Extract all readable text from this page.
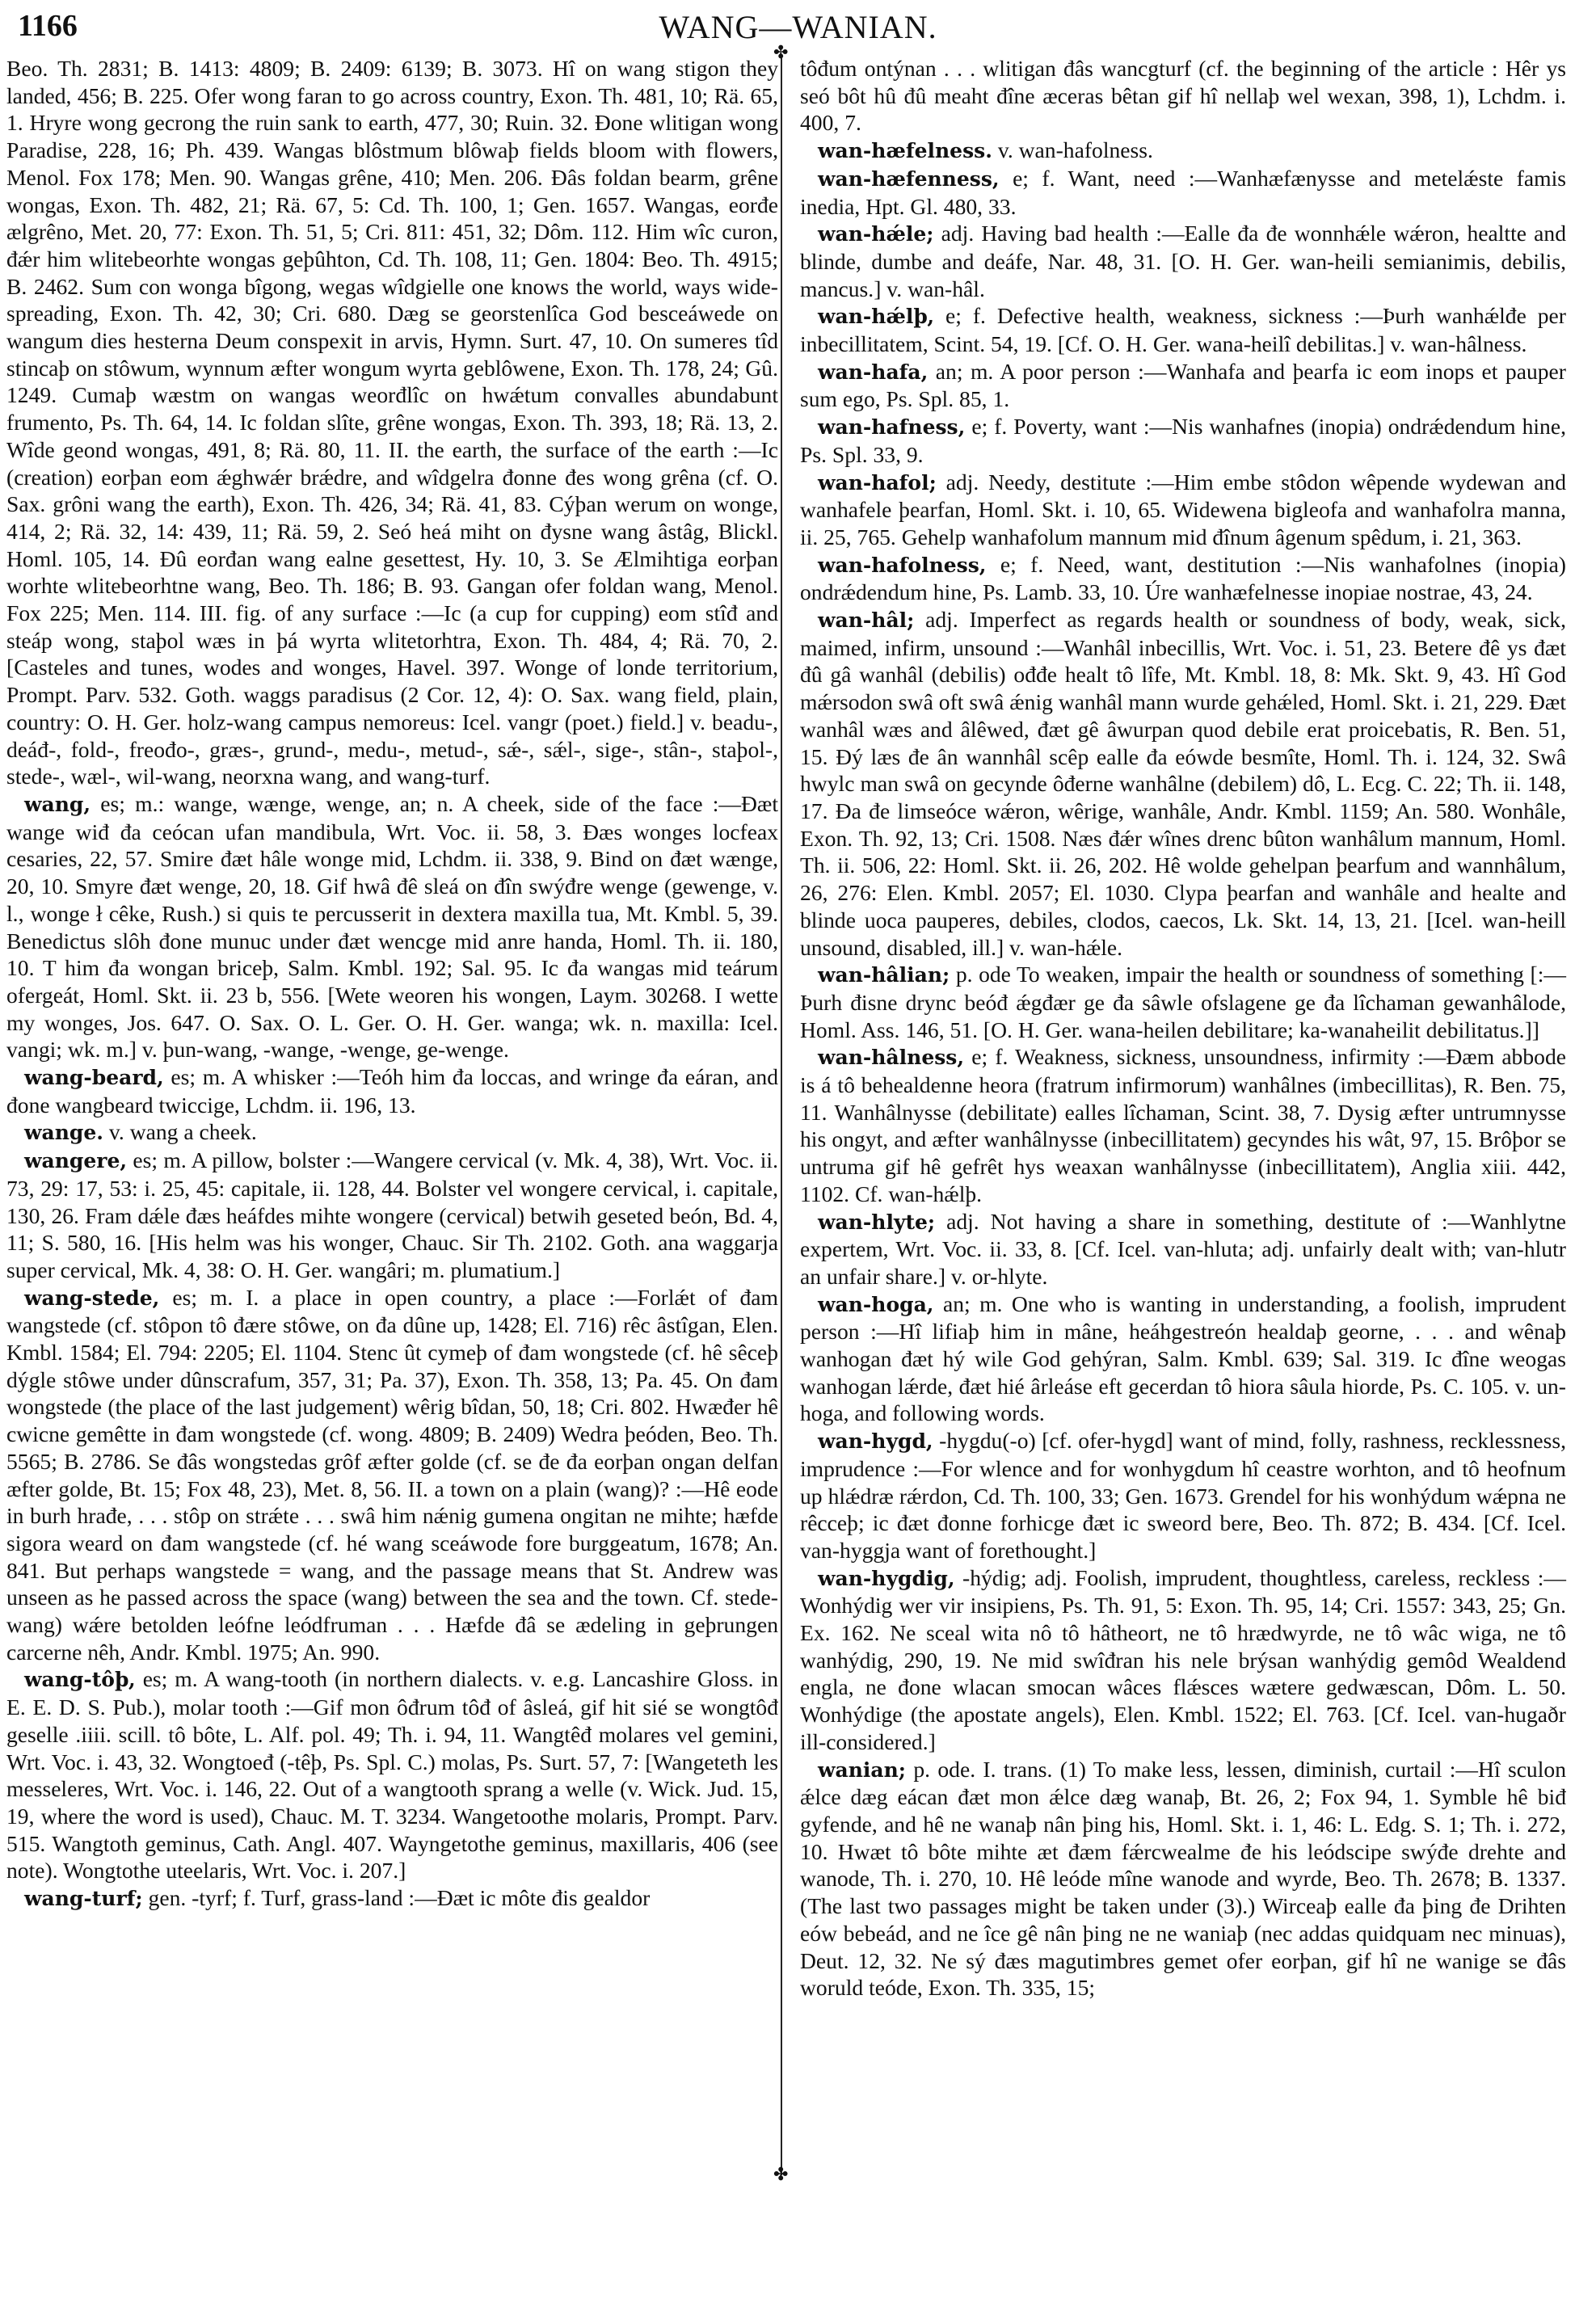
1166	WANG—WANIAN.
✤
✤

Beo. Th. 2831; B. 1413: 4809; B. 2409: 6139; B. 3073. Hî on wang stigon they landed, 456; B. 225. Ofer wong faran to go across country, Exon. Th. 481, 10; Rä. 65, 1. Hryre wong gecrong the ruin sank to earth, 477, 30; Ruin. 32. Đone wlitigan wong Paradise, 228, 16; Ph. 439. Wangas blôstmum blôwaþ fields bloom with flowers, Menol. Fox 178; Men. 90. Wangas grêne, 410; Men. 206. Đâs foldan bearm, grêne wongas, Exon. Th. 482, 21; Rä. 67, 5: Cd. Th. 100, 1; Gen. 1657. Wangas, eorđe ælgrêno, Met. 20, 77: Exon. Th. 51, 5; Cri. 811: 451, 32; Dôm. 112. Him wîc curon, đǽr him wlitebeorhte wongas geþûhton, Cd. Th. 108, 11; Gen. 1804: Beo. Th. 4915; B. 2462. Sum con wonga bîgong, wegas wîdgielle one knows the world, ways wide-spreading, Exon. Th. 42, 30; Cri. 680. Dæg se georstenlîca God besceáwede on wangum dies hesterna Deum conspexit in arvis, Hymn. Surt. 47, 10. On sumeres tîd stincaþ on stôwum, wynnum æfter wongum wyrta geblôwene, Exon. Th. 178, 24; Gû. 1249. Cumaþ wæstm on wangas weorđlîc on hwǽtum convalles abundabunt frumento, Ps. Th. 64, 14. Ic foldan slîte, grêne wongas, Exon. Th. 393, 18; Rä. 13, 2. Wîde geond wongas, 491, 8; Rä. 80, 11. II. the earth, the surface of the earth :—Ic (creation) eorþan eom ǽghwǽr brǽdre, and wîdgelra đonne đes wong grêna (cf. O. Sax. grôni wang the earth), Exon. Th. 426, 34; Rä. 41, 83. Cýþan werum on wonge, 414, 2; Rä. 32, 14: 439, 11; Rä. 59, 2. Seó heá miht on đysne wang âstâg, Blickl. Homl. 105, 14. Đû eorđan wang ealne gesettest, Hy. 10, 3. Se Ælmihtiga eorþan worhte wlitebeorhtne wang, Beo. Th. 186; B. 93. Gangan ofer foldan wang, Menol. Fox 225; Men. 114. III. fig. of any surface :—Ic (a cup for cupping) eom stîđ and steáp wong, staþol wæs in þá wyrta wlitetorhtra, Exon. Th. 484, 4; Rä. 70, 2. [Casteles and tunes, wodes and wonges, Havel. 397. Wonge of londe territorium, Prompt. Parv. 532. Goth. waggs paradisus (2 Cor. 12, 4): O. Sax. wang field, plain, country: O. H. Ger. holz-wang campus nemoreus: Icel. vangr (poet.) field.] v. beadu-, deáđ-, fold-, freođo-, græs-, grund-, medu-, metud-, sǽ-, sǽl-, sige-, stân-, staþol-, stede-, wæl-, wil-wang, neorxna wang, and wang-turf.

wang, es; m.: wange, wænge, wenge, an; n. A cheek, side of the face :—Đæt wange wiđ đa ceócan ufan mandibula, Wrt. Voc. ii. 58, 3. Đæs wonges locfeax cesaries, 22, 57. Smire đæt hâle wonge mid, Lchdm. ii. 338, 9. Bind on đæt wænge, 20, 10. Smyre đæt wenge, 20, 18. Gif hwâ đê sleá on đîn swýđre wenge (gewenge, v. l., wonge ł cêke, Rush.) si quis te percusserit in dextera maxilla tua, Mt. Kmbl. 5, 39. Benedictus slôh đone munuc under đæt wencge mid anre handa, Homl. Th. ii. 180, 10. T him đa wongan briceþ, Salm. Kmbl. 192; Sal. 95. Ic đa wangas mid teárum ofergeát, Homl. Skt. ii. 23 b, 556. [Wete weoren his wongen, Laym. 30268. I wette my wonges, Jos. 647. O. Sax. O. L. Ger. O. H. Ger. wanga; wk. n. maxilla: Icel. vangi; wk. m.] v. þun-wang, -wange, -wenge, ge-wenge.

wang-beard, es; m. A whisker :—Teóh him đa loccas, and wringe đa eáran, and đone wangbeard twiccige, Lchdm. ii. 196, 13.

wange. v. wang a cheek.

wangere, es; m. A pillow, bolster :—Wangere cervical (v. Mk. 4, 38), Wrt. Voc. ii. 73, 29: 17, 53: i. 25, 45: capitale, ii. 128, 44. Bolster vel wongere cervical, i. capitale, 130, 26. Fram dǽle đæs heáfdes mihte wongere (cervical) betwih geseted beón, Bd. 4, 11; S. 580, 16. [His helm was his wonger, Chauc. Sir Th. 2102. Goth. ana waggarja super cervical, Mk. 4, 38: O. H. Ger. wangâri; m. plumatium.]

wang-stede, es; m. I. a place in open country, a place :—Forlǽt of đam wangstede (cf. stôpon tô đære stôwe, on đa dûne up, 1428; El. 716) rêc âstîgan, Elen. Kmbl. 1584; El. 794: 2205; El. 1104. Stenc ût cymeþ of đam wongstede (cf. hê sêceþ dýgle stôwe under dûnscrafum, 357, 31; Pa. 37), Exon. Th. 358, 13; Pa. 45. On đam wongstede (the place of the last judgement) wêrig bîdan, 50, 18; Cri. 802. Hwæđer hê cwicne gemêtte in đam wongstede (cf. wong. 4809; B. 2409) Wedra þeóden, Beo. Th. 5565; B. 2786. Se đâs wongstedas grôf æfter golde (cf. se đe đa eorþan ongan delfan æfter golde, Bt. 15; Fox 48, 23), Met. 8, 56. II. a town on a plain (wang)? :—Hê eode in burh hrađe, . . . stôp on strǽte . . . swâ him nǽnig gumena ongitan ne mihte; hæfde sigora weard on đam wangstede (cf. hé wang sceáwode fore burggeatum, 1678; An. 841. But perhaps wangstede = wang, and the passage means that St. Andrew was unseen as he passed across the space (wang) between the sea and the town. Cf. stede-wang) wǽre betolden leófne leódfruman . . . Hæfde đâ se ædeling in geþrungen carcerne nêh, Andr. Kmbl. 1975; An. 990.

wang-tôþ, es; m. A wang-tooth (in northern dialects. v. e.g. Lancashire Gloss. in E. E. D. S. Pub.), molar tooth :—Gif mon ôđrum tôđ of âsleá, gif hit sié se wongtôđ geselle .iiii. scill. tô bôte, L. Alf. pol. 49; Th. i. 94, 11. Wangtêđ molares vel gemini, Wrt. Voc. i. 43, 32. Wongtoeđ (-têþ, Ps. Spl. C.) molas, Ps. Surt. 57, 7: [Wangeteth les messeleres, Wrt. Voc. i. 146, 22. Out of a wangtooth sprang a welle (v. Wick. Jud. 15, 19, where the word is used), Chauc. M. T. 3234. Wangetoothe molaris, Prompt. Parv. 515. Wangtoth geminus, Cath. Angl. 407. Wayngetothe geminus, maxillaris, 406 (see note). Wongtothe uteelaris, Wrt. Voc. i. 207.]

wang-turf; gen. -tyrf; f. Turf, grass-land :—Đæt ic môte đis gealdor

tôđum ontýnan . . . wlitigan đâs wancgturf (cf. the beginning of the article : Hêr ys seó bôt hû đû meaht đîne æceras bêtan gif hî nellaþ wel wexan, 398, 1), Lchdm. i. 400, 7.

wan-hæfelness. v. wan-hafolness.

wan-hæfenness, e; f. Want, need :—Wanhæfænysse and metelǽste famis inedia, Hpt. Gl. 480, 33.

wan-hǽle; adj. Having bad health :—Ealle đa đe wonnhǽle wǽron, healtte and blinde, dumbe and deáfe, Nar. 48, 31. [O. H. Ger. wan-heili semianimis, debilis, mancus.] v. wan-hâl.

wan-hǽlþ, e; f. Defective health, weakness, sickness :—Þurh wanhǽlđe per inbecillitatem, Scint. 54, 19. [Cf. O. H. Ger. wana-heilî debilitas.] v. wan-hâlness.

wan-hafa, an; m. A poor person :—Wanhafa and þearfa ic eom inops et pauper sum ego, Ps. Spl. 85, 1.

wan-hafness, e; f. Poverty, want :—Nis wanhafnes (inopia) ondrǽdendum hine, Ps. Spl. 33, 9.

wan-hafol; adj. Needy, destitute :—Him embe stôdon wêpende wydewan and wanhafele þearfan, Homl. Skt. i. 10, 65. Widewena bigleofa and wanhafolra manna, ii. 25, 765. Gehelp wanhafolum mannum mid đînum âgenum spêdum, i. 21, 363.

wan-hafolness, e; f. Need, want, destitution :—Nis wanhafolnes (inopia) ondrǽdendum hine, Ps. Lamb. 33, 10. Úre wanhæfelnesse inopiae nostrae, 43, 24.

wan-hâl; adj. Imperfect as regards health or soundness of body, weak, sick, maimed, infirm, unsound :—Wanhâl inbecillis, Wrt. Voc. i. 51, 23. Betere đê ys đæt đû gâ wanhâl (debilis) ođđe healt tô lîfe, Mt. Kmbl. 18, 8: Mk. Skt. 9, 43. Hî God mǽrsodon swâ oft swâ ǽnig wanhâl mann wurde gehǽled, Homl. Skt. i. 21, 229. Đæt wanhâl wæs and âlêwed, đæt gê âwurpan quod debile erat proicebatis, R. Ben. 51, 15. Đý læs đe ân wannhâl scêp ealle đa eówde besmîte, Homl. Th. i. 124, 32. Swâ hwylc man swâ on gecynde ôđerne wanhâlne (debilem) dô, L. Ecg. C. 22; Th. ii. 148, 17. Đa đe limseóce wǽron, wêrige, wanhâle, Andr. Kmbl. 1159; An. 580. Wonhâle, Exon. Th. 92, 13; Cri. 1508. Næs đǽr wînes drenc bûton wanhâlum mannum, Homl. Th. ii. 506, 22: Homl. Skt. ii. 26, 202. Hê wolde gehelpan þearfum and wannhâlum, 26, 276: Elen. Kmbl. 2057; El. 1030. Clypa þearfan and wanhâle and healte and blinde uoca pauperes, debiles, clodos, caecos, Lk. Skt. 14, 13, 21. [Icel. wan-heill unsound, disabled, ill.] v. wan-hǽle.

wan-hâlian; p. ode To weaken, impair the health or soundness of something [:—Þurh đisne drync beóđ ǽgđær ge đa sâwle ofslagene ge đa lîchaman gewanhâlode, Homl. Ass. 146, 51. [O. H. Ger. wana-heilen debilitare; ka-wanaheilit debilitatus.]]

wan-hâlness, e; f. Weakness, sickness, unsoundness, infirmity :—Đæm abbode is á tô behealdenne heora (fratrum infirmorum) wanhâlnes (imbecillitas), R. Ben. 75, 11. Wanhâlnysse (debilitate) ealles lîchaman, Scint. 38, 7. Dysig æfter untrumnysse his ongyt, and æfter wanhâlnysse (inbecillitatem) gecyndes his wât, 97, 15. Brôþor se untruma gif hê gefrêt hys weaxan wanhâlnysse (inbecillitatem), Anglia xiii. 442, 1102. Cf. wan-hǽlþ.

wan-hlyte; adj. Not having a share in something, destitute of :—Wanhlytne expertem, Wrt. Voc. ii. 33, 8. [Cf. Icel. van-hluta; adj. unfairly dealt with; van-hlutr an unfair share.] v. or-hlyte.

wan-hoga, an; m. One who is wanting in understanding, a foolish, imprudent person :—Hî lifiaþ him in mâne, heáhgestreón healdaþ georne, . . . and wênaþ wanhogan đæt hý wile God gehýran, Salm. Kmbl. 639; Sal. 319. Ic đîne weogas wanhogan lǽrde, đæt hié ârleáse eft gecerdan tô hiora sâula hiorde, Ps. C. 105. v. un-hoga, and following words.

wan-hygd, -hygdu(-o) [cf. ofer-hygd] want of mind, folly, rashness, recklessness, imprudence :—For wlence and for wonhygdum hî ceastre worhton, and tô heofnum up hlǽdræ rǽrdon, Cd. Th. 100, 33; Gen. 1673. Grendel for his wonhýdum wǽpna ne rêcceþ; ic đæt đonne forhicge đæt ic sweord bere, Beo. Th. 872; B. 434. [Cf. Icel. van-hyggja want of forethought.]

wan-hygdig, -hýdig; adj. Foolish, imprudent, thoughtless, careless, reckless :—Wonhýdig wer vir insipiens, Ps. Th. 91, 5: Exon. Th. 95, 14; Cri. 1557: 343, 25; Gn. Ex. 162. Ne sceal wita nô tô hâtheort, ne tô hrædwyrde, ne tô wâc wiga, ne tô wanhýdig, 290, 19. Ne mid swîđran his nele brýsan wanhýdig gemôd Wealdend engla, ne đone wlacan smocan wâces flǽsces wætere gedwæscan, Dôm. L. 50. Wonhýdige (the apostate angels), Elen. Kmbl. 1522; El. 763. [Cf. Icel. van-hugaðr ill-considered.]

wanian; p. ode. I. trans. (1) To make less, lessen, diminish, curtail :—Hî sculon ǽlce dæg eácan đæt mon ǽlce dæg wanaþ, Bt. 26, 2; Fox 94, 1. Symble hê biđ gyfende, and hê ne wanaþ nân þing his, Homl. Skt. i. 1, 46: L. Edg. S. 1; Th. i. 272, 10. Hwæt tô bôte mihte æt đæm fǽrcwealme đe his leódscipe swýđe drehte and wanode, Th. i. 270, 10. Hê leóde mîne wanode and wyrde, Beo. Th. 2678; B. 1337. (The last two passages might be taken under (3).) Wirceaþ ealle đa þing đe Drihten eów bebeád, and ne îce gê nân þing ne ne waniaþ (nec addas quidquam nec minuas), Deut. 12, 32. Ne sý đæs magutimbres gemet ofer eorþan, gif hî ne wanige se đâs woruld teóde, Exon. Th. 335, 15;
